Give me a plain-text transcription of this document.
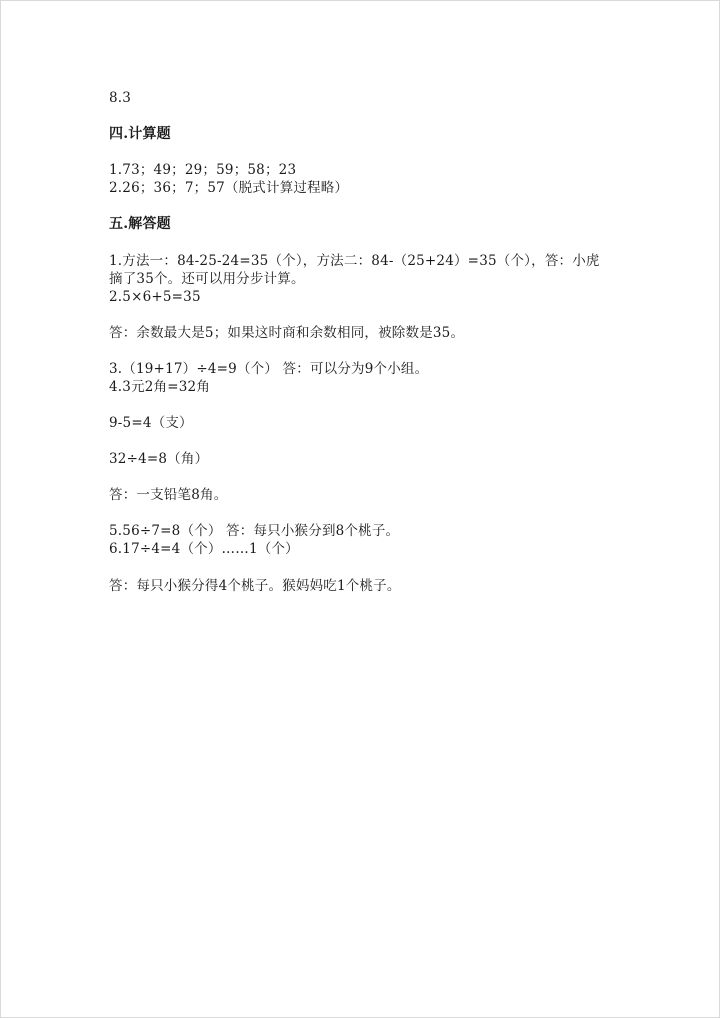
8.3
四.计算题
1.73；49；29；59；58；23
2.26；36；7；57（脱式计算过程略）
五.解答题
1.方法一：84-25-24=35（个），方法二：84-（25+24）=35（个），答：小虎
摘了35个。还可以用分步计算。
2.5×6+5=35
答：余数最大是5；如果这时商和余数相同，被除数是35。
3.（19+17）÷4=9（个） 答：可以分为9个小组。
4.3元2角=32角
9-5=4（支）
32÷4=8（角）
答：一支铅笔8角。
5.56÷7=8（个） 答：每只小猴分到8个桃子。
6.17÷4=4（个）……1（个）
答：每只小猴分得4个桃子。猴妈妈吃1个桃子。
